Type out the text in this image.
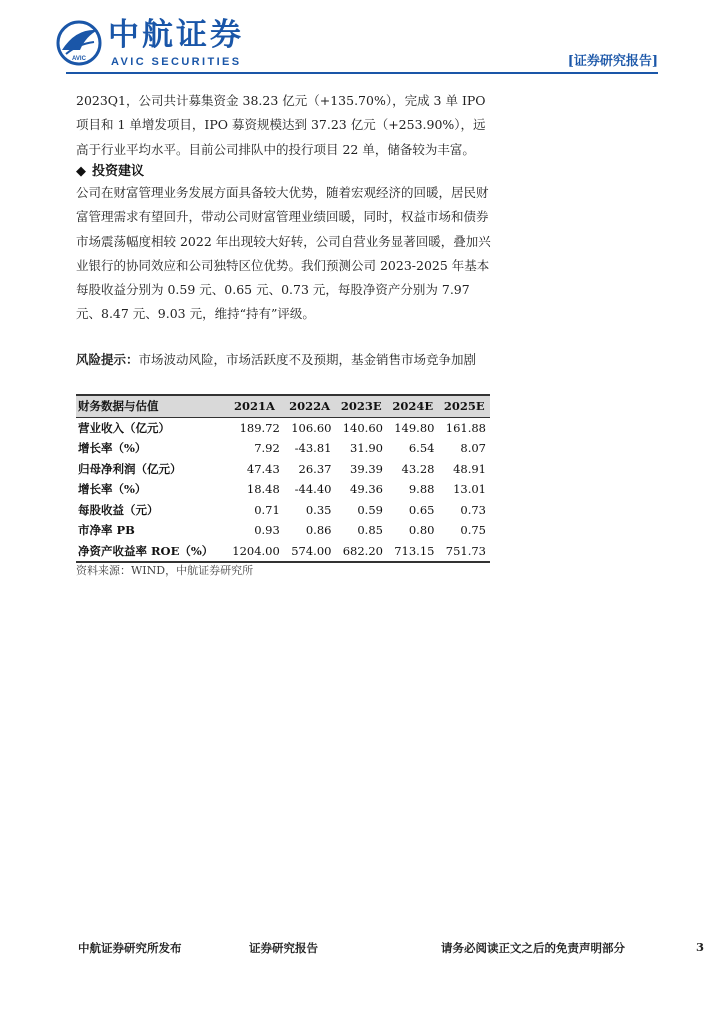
AVIC
中航证券
AVIC SECURITIES	[证券研究报告]

2023Q1，公司共计募集资金 38.23 亿元（+135.70%），完成 3 单 IPO 项目和 1 单增发项目，IPO 募资规模达到 37.23 亿元（+253.90%），远高于行业平均水平。目前公司排队中的投行项目 22 单，储备较为丰富。

◆ 投资建议

公司在财富管理业务发展方面具备较大优势，随着宏观经济的回暖，居民财富管理需求有望回升，带动公司财富管理业绩回暖，同时，权益市场和债券市场震荡幅度相较 2022 年出现较大好转，公司自营业务显著回暖，叠加兴业银行的协同效应和公司独特区位优势。我们预测公司 2023-2025 年基本每股收益分别为 0.59 元、0.65 元、0.73 元，每股净资产分别为 7.97 元、8.47 元、9.03 元，维持“持有”评级。

风险提示：市场波动风险，市场活跃度不及预期，基金销售市场竞争加剧
财务数据与估值	2021A	2022A	2023E	2024E	2025E
营业收入（亿元）	189.72	106.60	140.60	149.80	161.88
增长率（%）	7.92	-43.81	31.90	6.54	8.07
归母净利润（亿元）	47.43	26.37	39.39	43.28	48.91
增长率（%）	18.48	-44.40	49.36	9.88	13.01
每股收益（元）	0.71	0.35	0.59	0.65	0.73
市净率 PB	0.93	0.86	0.85	0.80	0.75
净资产收益率 ROE（%）	1204.00	574.00	682.20	713.15	751.73
资料来源：WIND，中航证券研究所
中航证券研究所发布	证券研究报告	请务必阅读正文之后的免责声明部分	3
